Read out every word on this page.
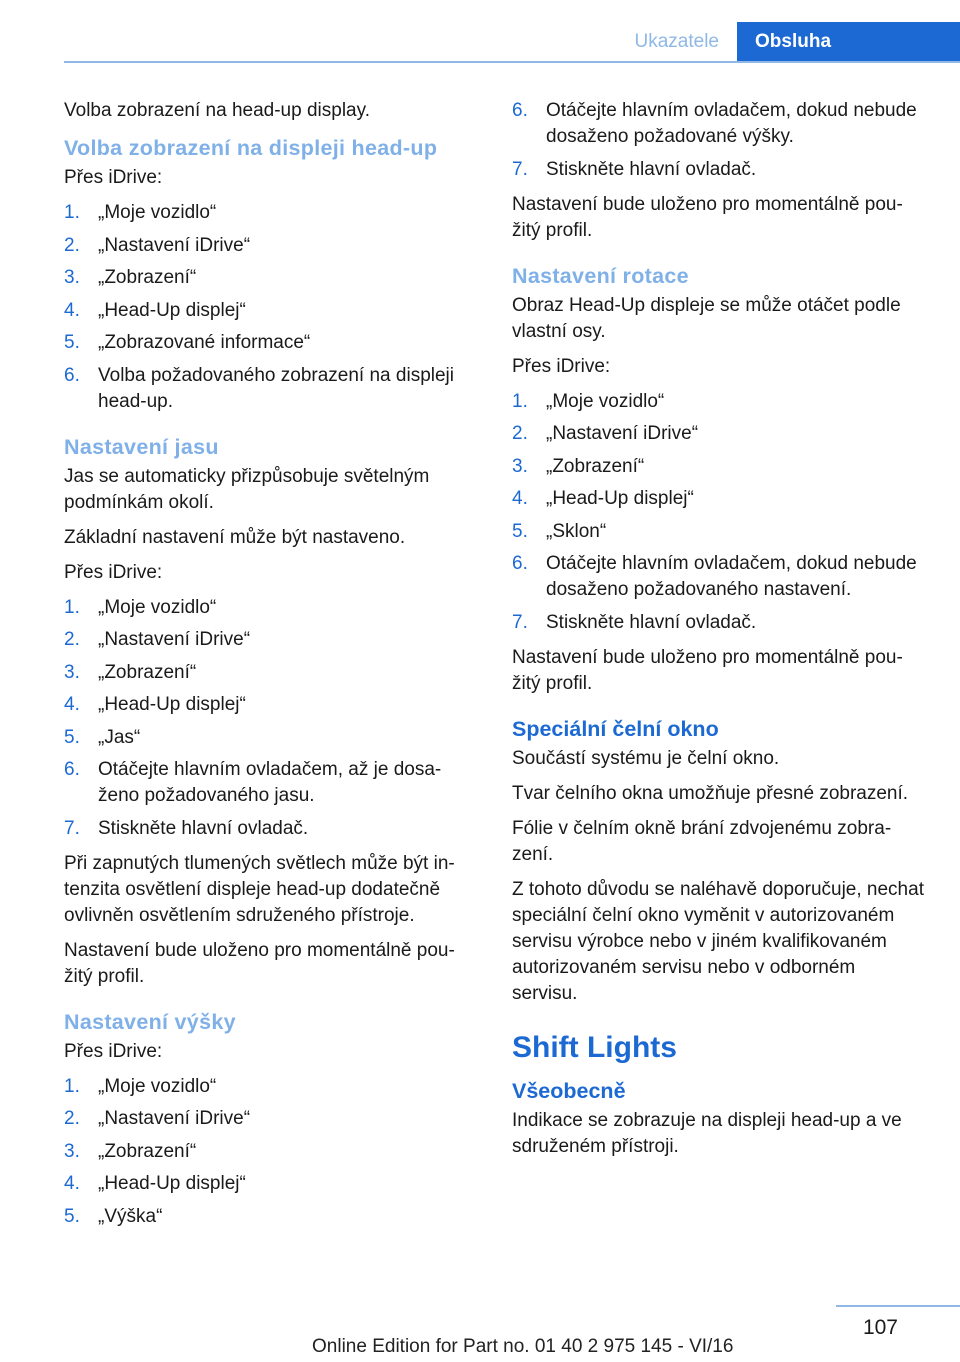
Ukazatele	Obsluha

Volba zobrazení na head-up display.

Volba zobrazení na displeji head-up

Přes iDrive:

1. „Moje vozidlo“
2. „Nastavení iDrive“
3. „Zobrazení“
4. „Head-Up displej“
5. „Zobrazované informace“
6. Volba požadovaného zobrazení na displeji head-up.
Nastavení jasu

Jas se automaticky přizpůsobuje světelným podmínkám okolí.

Základní nastavení může být nastaveno.

Přes iDrive:

1. „Moje vozidlo“
2. „Nastavení iDrive“
3. „Zobrazení“
4. „Head-Up displej“
5. „Jas“
6. Otáčejte hlavním ovladačem, až je dosaženo požadovaného jasu.
7. Stiskněte hlavní ovladač.

Při zapnutých tlumených světlech může být intenzita osvětlení displeje head-up dodatečně ovlivněn osvětlením sdruženého přístroje.

Nastavení bude uloženo pro momentálně použitý profil.

Nastavení výšky

Přes iDrive:

1. „Moje vozidlo“
2. „Nastavení iDrive“
3. „Zobrazení“
4. „Head-Up displej“
5. „Výška“
6. Otáčejte hlavním ovladačem, dokud nebude dosaženo požadované výšky.
7. Stiskněte hlavní ovladač.

Nastavení bude uloženo pro momentálně použitý profil.

Nastavení rotace

Obraz Head-Up displeje se může otáčet podle vlastní osy.

Přes iDrive:

1. „Moje vozidlo“
2. „Nastavení iDrive“
3. „Zobrazení“
4. „Head-Up displej“
5. „Sklon“
6. Otáčejte hlavním ovladačem, dokud nebude dosaženo požadovaného nastavení.
7. Stiskněte hlavní ovladač.

Nastavení bude uloženo pro momentálně použitý profil.

Speciální čelní okno

Součástí systému je čelní okno.

Tvar čelního okna umožňuje přesné zobrazení.

Fólie v čelním okně brání zdvojenému zobrazení.

Z tohoto důvodu se naléhavě doporučuje, nechat speciální čelní okno vyměnit v autorizovaném servisu výrobce nebo v jiném kvalifikovaném autorizovaném servisu nebo v odborném servisu.

Shift Lights
Všeobecně

Indikace se zobrazuje na displeji head-up a ve sdruženém přístroji.

107
Online Edition for Part no. 01 40 2 975 145 - VI/16
